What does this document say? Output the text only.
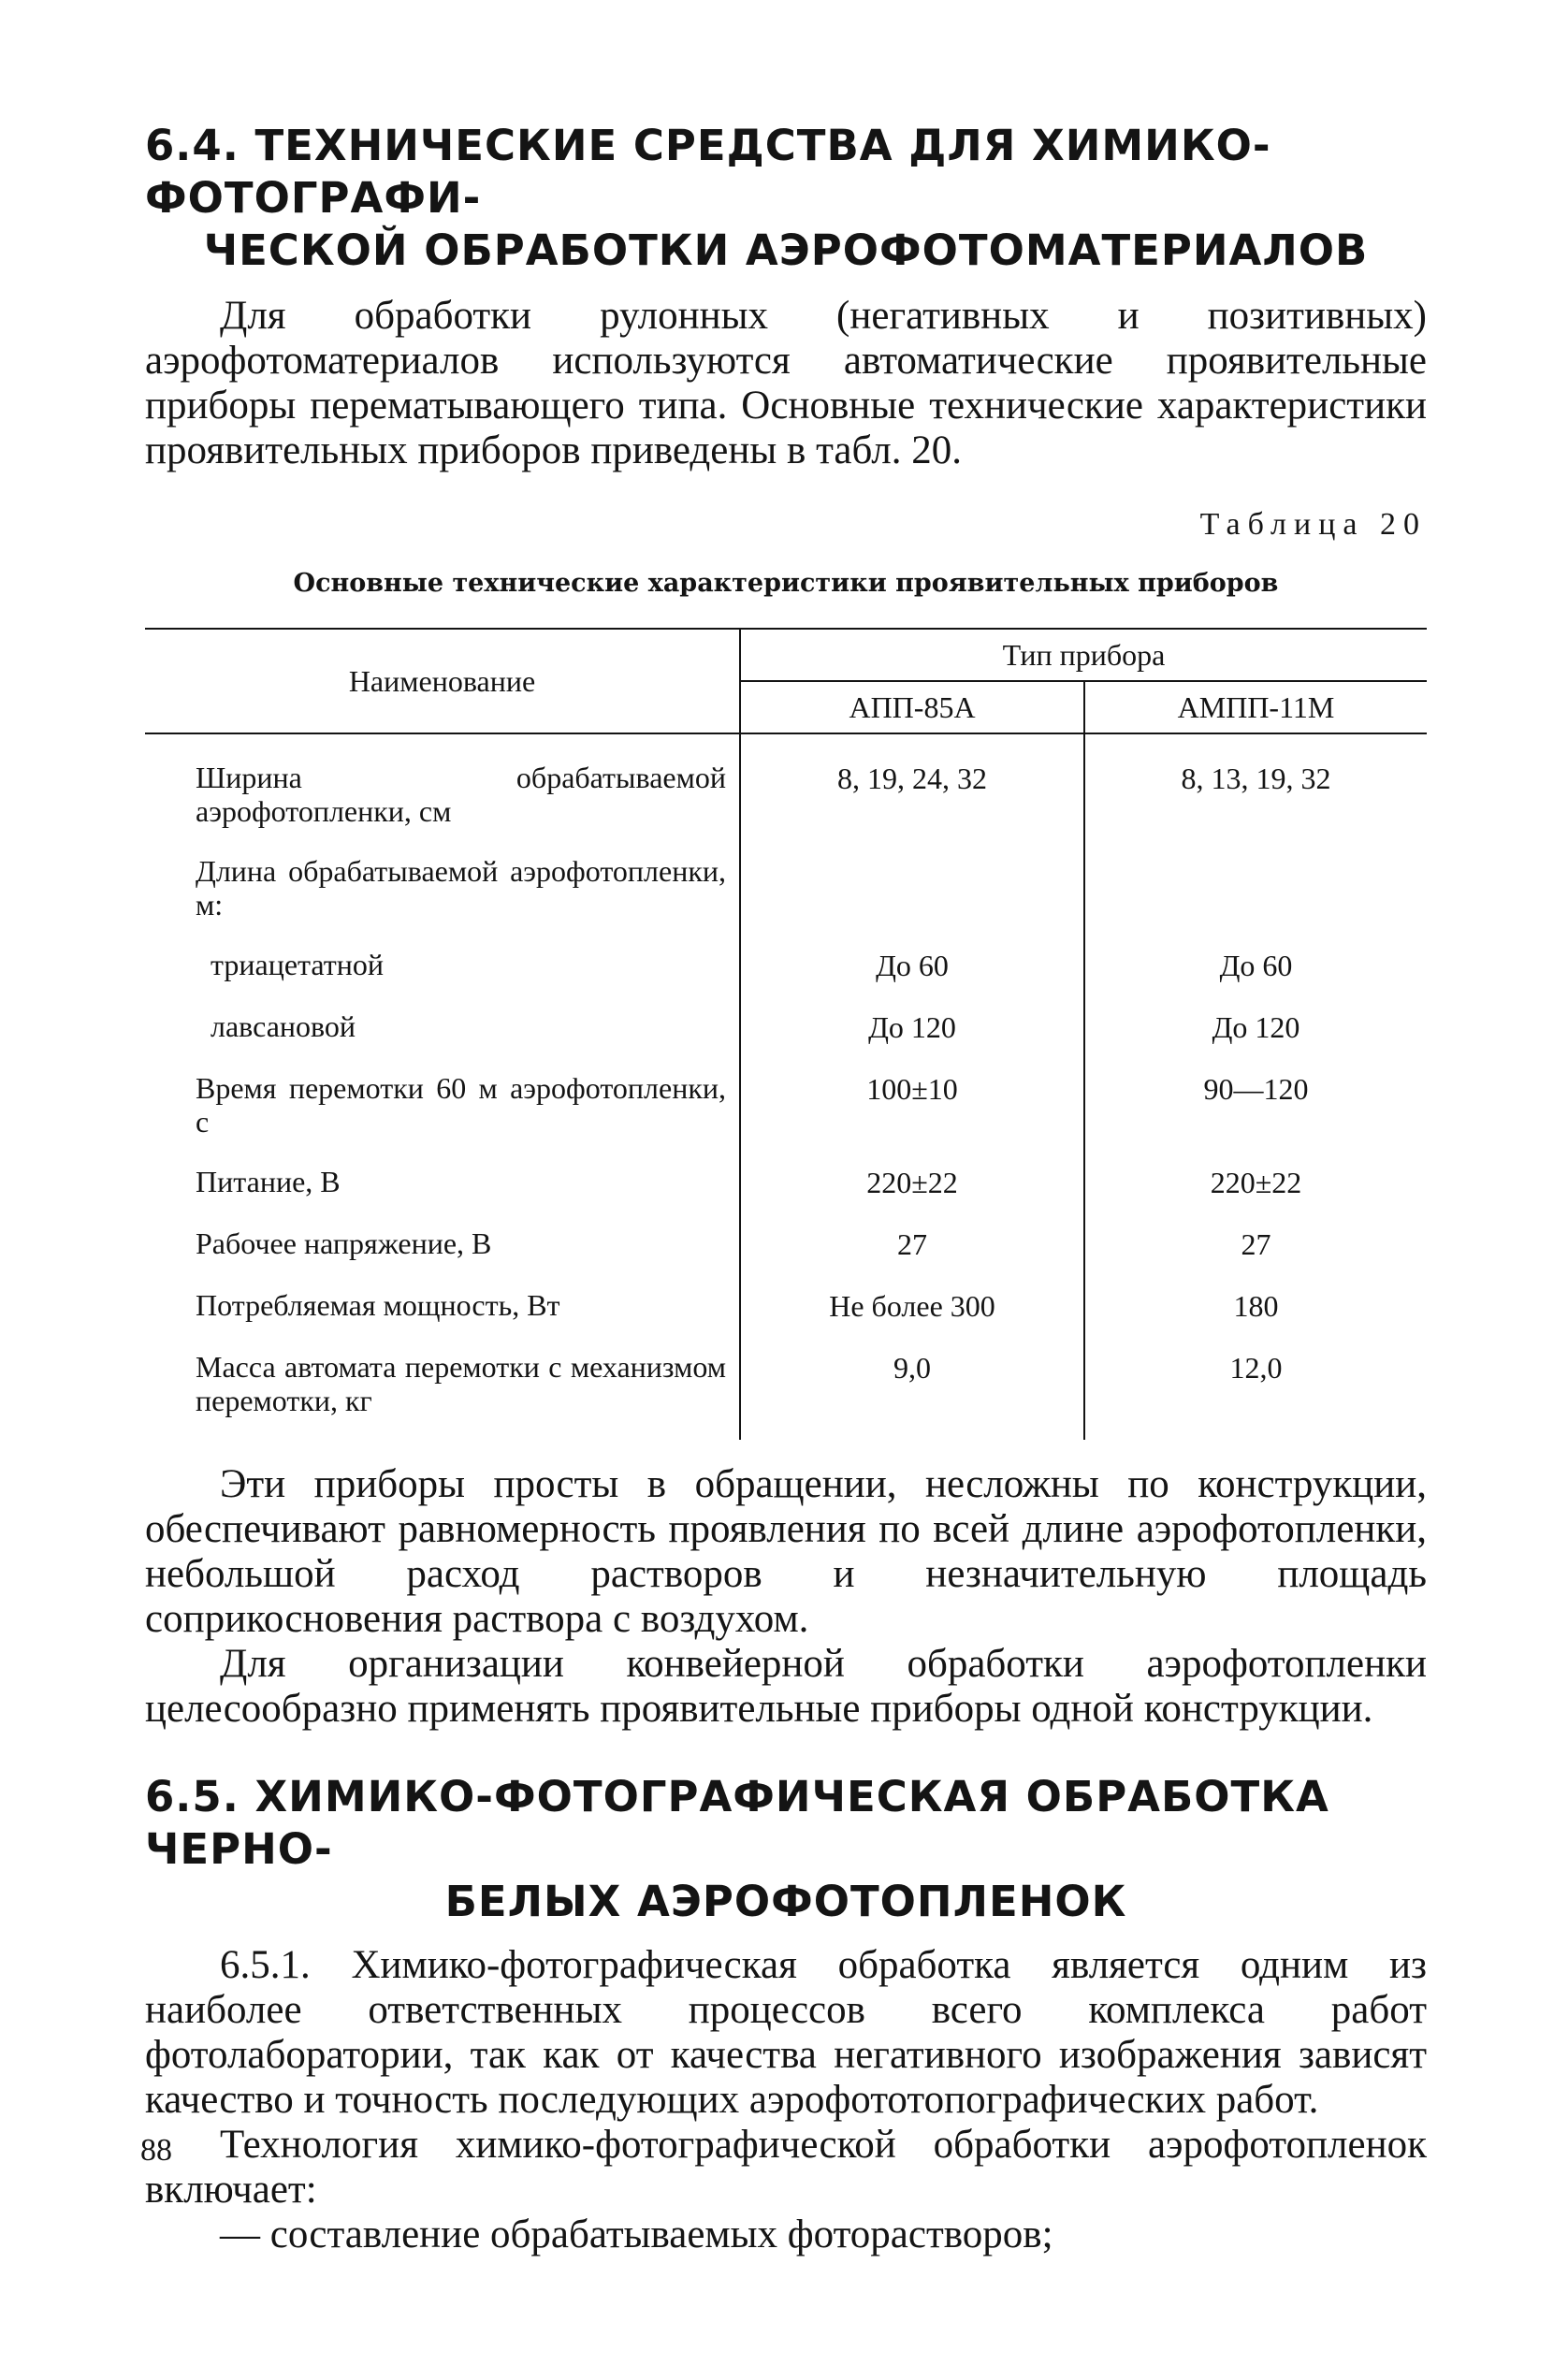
6.4. ТЕХНИЧЕСКИЕ СРЕДСТВА ДЛЯ ХИМИКО-ФОТОГРАФИ-
ЧЕСКОЙ ОБРАБОТКИ АЭРОФОТОМАТЕРИАЛОВ

Для обработки рулонных (негативных и позитивных) аэрофотоматериалов используются автоматические проявительные приборы перематывающего типа. Основные технические характеристики проявительных приборов приведены в табл. 20.

Таблица 20

Основные технические характеристики проявительных приборов

Наименование	Тип прибора	
	АПП-85А	АМПП-11М

Ширина обрабатываемой аэрофотопленки, см	8, 19, 24, 32	8, 13, 19, 32

Длина обрабатываемой аэрофотопленки, м:		

триацетатной	До 60	До 60

лавсановой	До 120	До 120

Время перемотки 60 м аэрофотопленки, с	100±10	90—120

Питание, В	220±22	220±22

Рабочее напряжение, В	27	27

Потребляемая мощность, Вт	Не более 300	180

Масса автомата перемотки с механизмом перемотки, кг	9,0	12,0

Эти приборы просты в обращении, несложны по конструкции, обеспечивают равномерность проявления по всей длине аэрофотопленки, небольшой расход растворов и незначительную площадь соприкосновения раствора с воздухом.

Для организации конвейерной обработки аэрофотопленки целесообразно применять проявительные приборы одной конструкции.

6.5. ХИМИКО-ФОТОГРАФИЧЕСКАЯ ОБРАБОТКА ЧЕРНО-
БЕЛЫХ АЭРОФОТОПЛЕНОК

6.5.1. Химико-фотографическая обработка является одним из наиболее ответственных процессов всего комплекса работ фотолаборатории, так как от качества негативного изображения зависят качество и точность последующих аэрофототопографических работ.

Технология химико-фотографической обработки аэрофотопленок включает:

— составление обрабатываемых фоторастворов;

88
